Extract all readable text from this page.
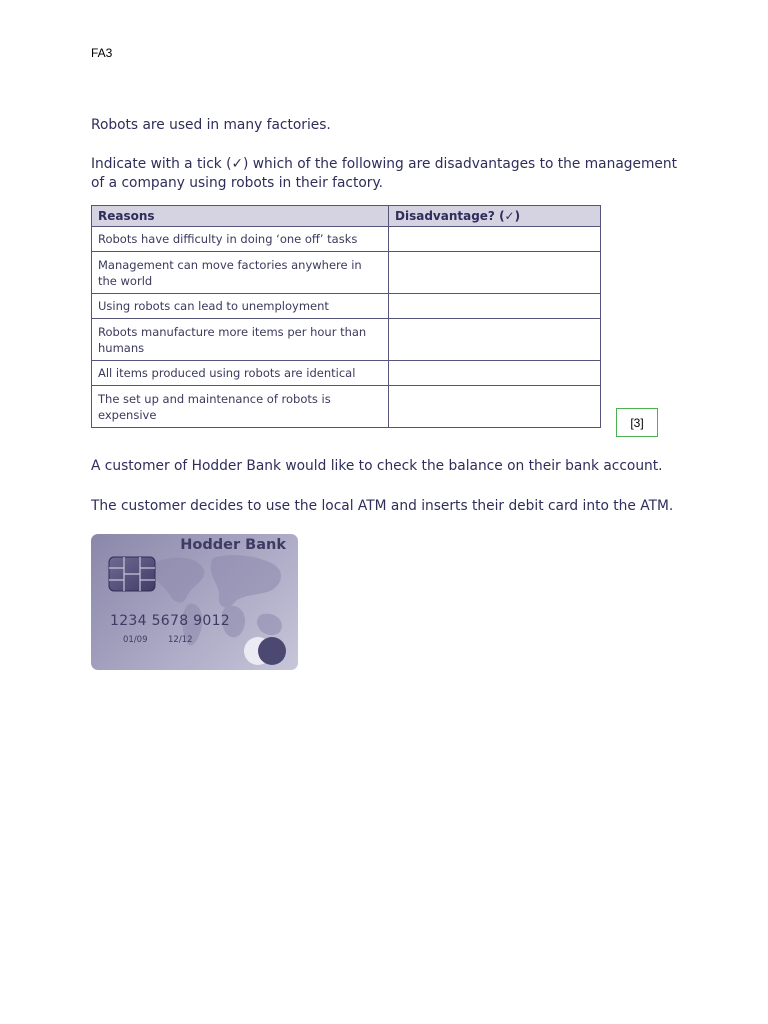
FA3
Robots are used in many factories.
Indicate with a tick (✓) which of the following are disadvantages to the management of a company using robots in their factory.
Reasons	Disadvantage? (✓)
Robots have difficulty in doing ‘one off’ tasks	
Management can move factories anywhere in the world	
Using robots can lead to unemployment	
Robots manufacture more items per hour than humans	
All items produced using robots are identical	
The set up and maintenance of robots is expensive	
[3]
A customer of Hodder Bank would like to check the balance on their bank account.
The customer decides to use the local ATM and inserts their debit card into the ATM.
Hodder Bank
1234 5678 9012
01/09 12/12
